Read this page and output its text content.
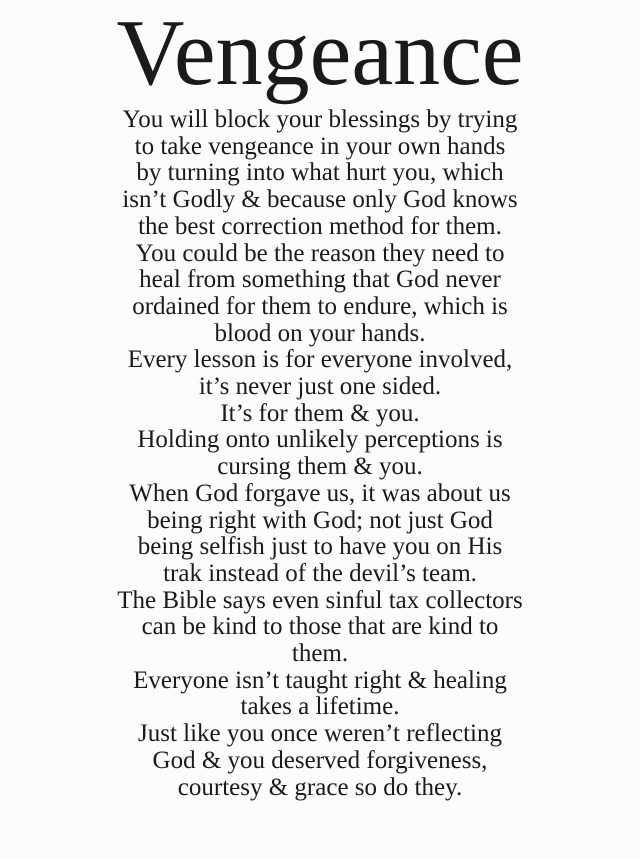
Vengeance
You will block your blessings by trying
to take vengeance in your own hands
by turning into what hurt you, which
isn’t Godly & because only God knows
the best correction method for them.
You could be the reason they need to
heal from something that God never
ordained for them to endure, which is
blood on your hands.
Every lesson is for everyone involved,
it’s never just one sided.
It’s for them & you.
Holding onto unlikely perceptions is
cursing them & you.
When God forgave us, it was about us
being right with God; not just God
being selfish just to have you on His
trak instead of the devil’s team.
The Bible says even sinful tax collectors
can be kind to those that are kind to
them.
Everyone isn’t taught right & healing
takes a lifetime.
Just like you once weren’t reflecting
God & you deserved forgiveness,
courtesy & grace so do they.
